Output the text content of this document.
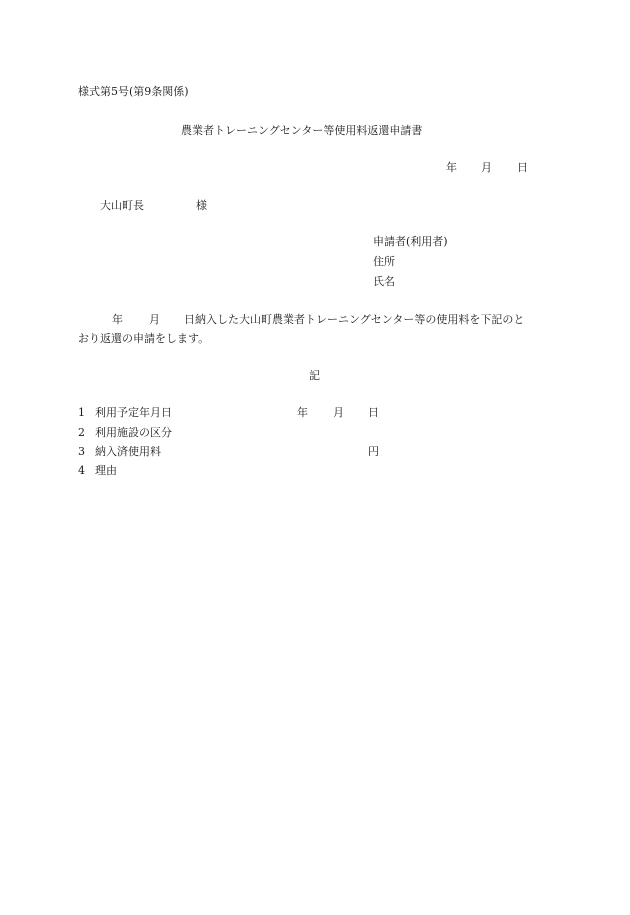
様式第5号(第9条関係)
農業者トレーニングセンター等使用料返還申請書
年 月 日
大山町長	様
申請者(利用者)
住所
氏名
年 月 日納入した大山町農業者トレーニングセンター等の使用料を下記のと
おり返還の申請をします。
記
1 利用予定年月日	年 月 日
2 利用施設の区分
3 納入済使用料	円
4 理由
